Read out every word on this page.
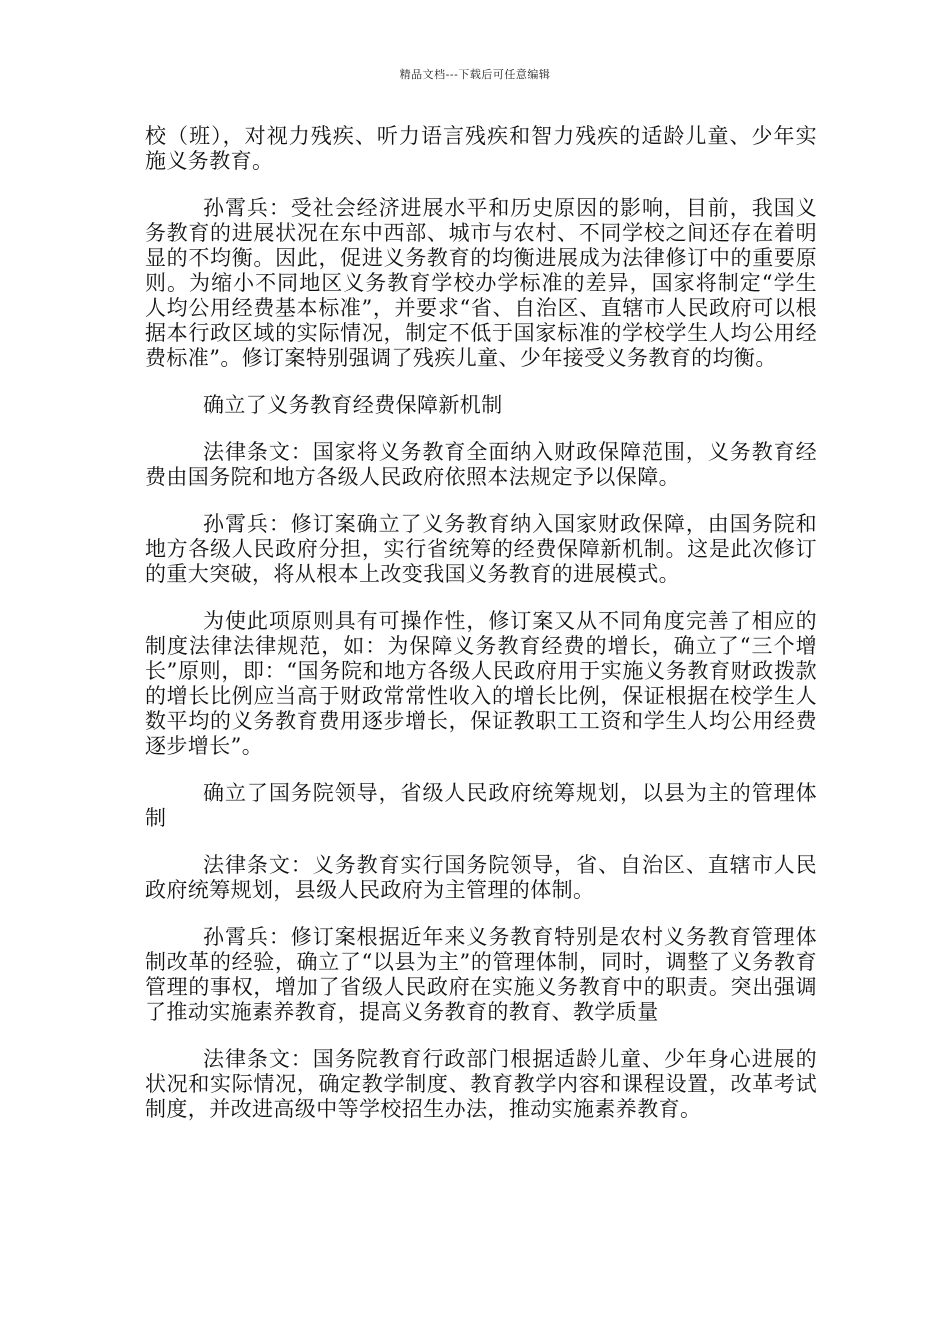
精品文档---下载后可任意编辑

校（班），对视力残疾、听力语言残疾和智力残疾的适龄儿童、少年实施义务教育。

孙霄兵：受社会经济进展水平和历史原因的影响，目前，我国义务教育的进展状况在东中西部、城市与农村、不同学校之间还存在着明显的不均衡。因此，促进义务教育的均衡进展成为法律修订中的重要原则。为缩小不同地区义务教育学校办学标准的差异，国家将制定“学生人均公用经费基本标准”，并要求“省、自治区、直辖市人民政府可以根据本行政区域的实际情况，制定不低于国家标准的学校学生人均公用经费标准”。修订案特别强调了残疾儿童、少年接受义务教育的均衡。

确立了义务教育经费保障新机制

法律条文：国家将义务教育全面纳入财政保障范围，义务教育经费由国务院和地方各级人民政府依照本法规定予以保障。

孙霄兵：修订案确立了义务教育纳入国家财政保障，由国务院和地方各级人民政府分担，实行省统筹的经费保障新机制。这是此次修订的重大突破，将从根本上改变我国义务教育的进展模式。

为使此项原则具有可操作性，修订案又从不同角度完善了相应的制度法律法律规范，如：为保障义务教育经费的增长，确立了“三个增长”原则，即：“国务院和地方各级人民政府用于实施义务教育财政拨款的增长比例应当高于财政常常性收入的增长比例，保证根据在校学生人数平均的义务教育费用逐步增长，保证教职工工资和学生人均公用经费逐步增长”。

确立了国务院领导，省级人民政府统筹规划，以县为主的管理体制

法律条文：义务教育实行国务院领导，省、自治区、直辖市人民政府统筹规划，县级人民政府为主管理的体制。

孙霄兵：修订案根据近年来义务教育特别是农村义务教育管理体制改革的经验，确立了“以县为主”的管理体制，同时，调整了义务教育管理的事权，增加了省级人民政府在实施义务教育中的职责。突出强调了推动实施素养教育，提高义务教育的教育、教学质量

法律条文：国务院教育行政部门根据适龄儿童、少年身心进展的状况和实际情况，确定教学制度、教育教学内容和课程设置，改革考试制度，并改进高级中等学校招生办法，推动实施素养教育。
